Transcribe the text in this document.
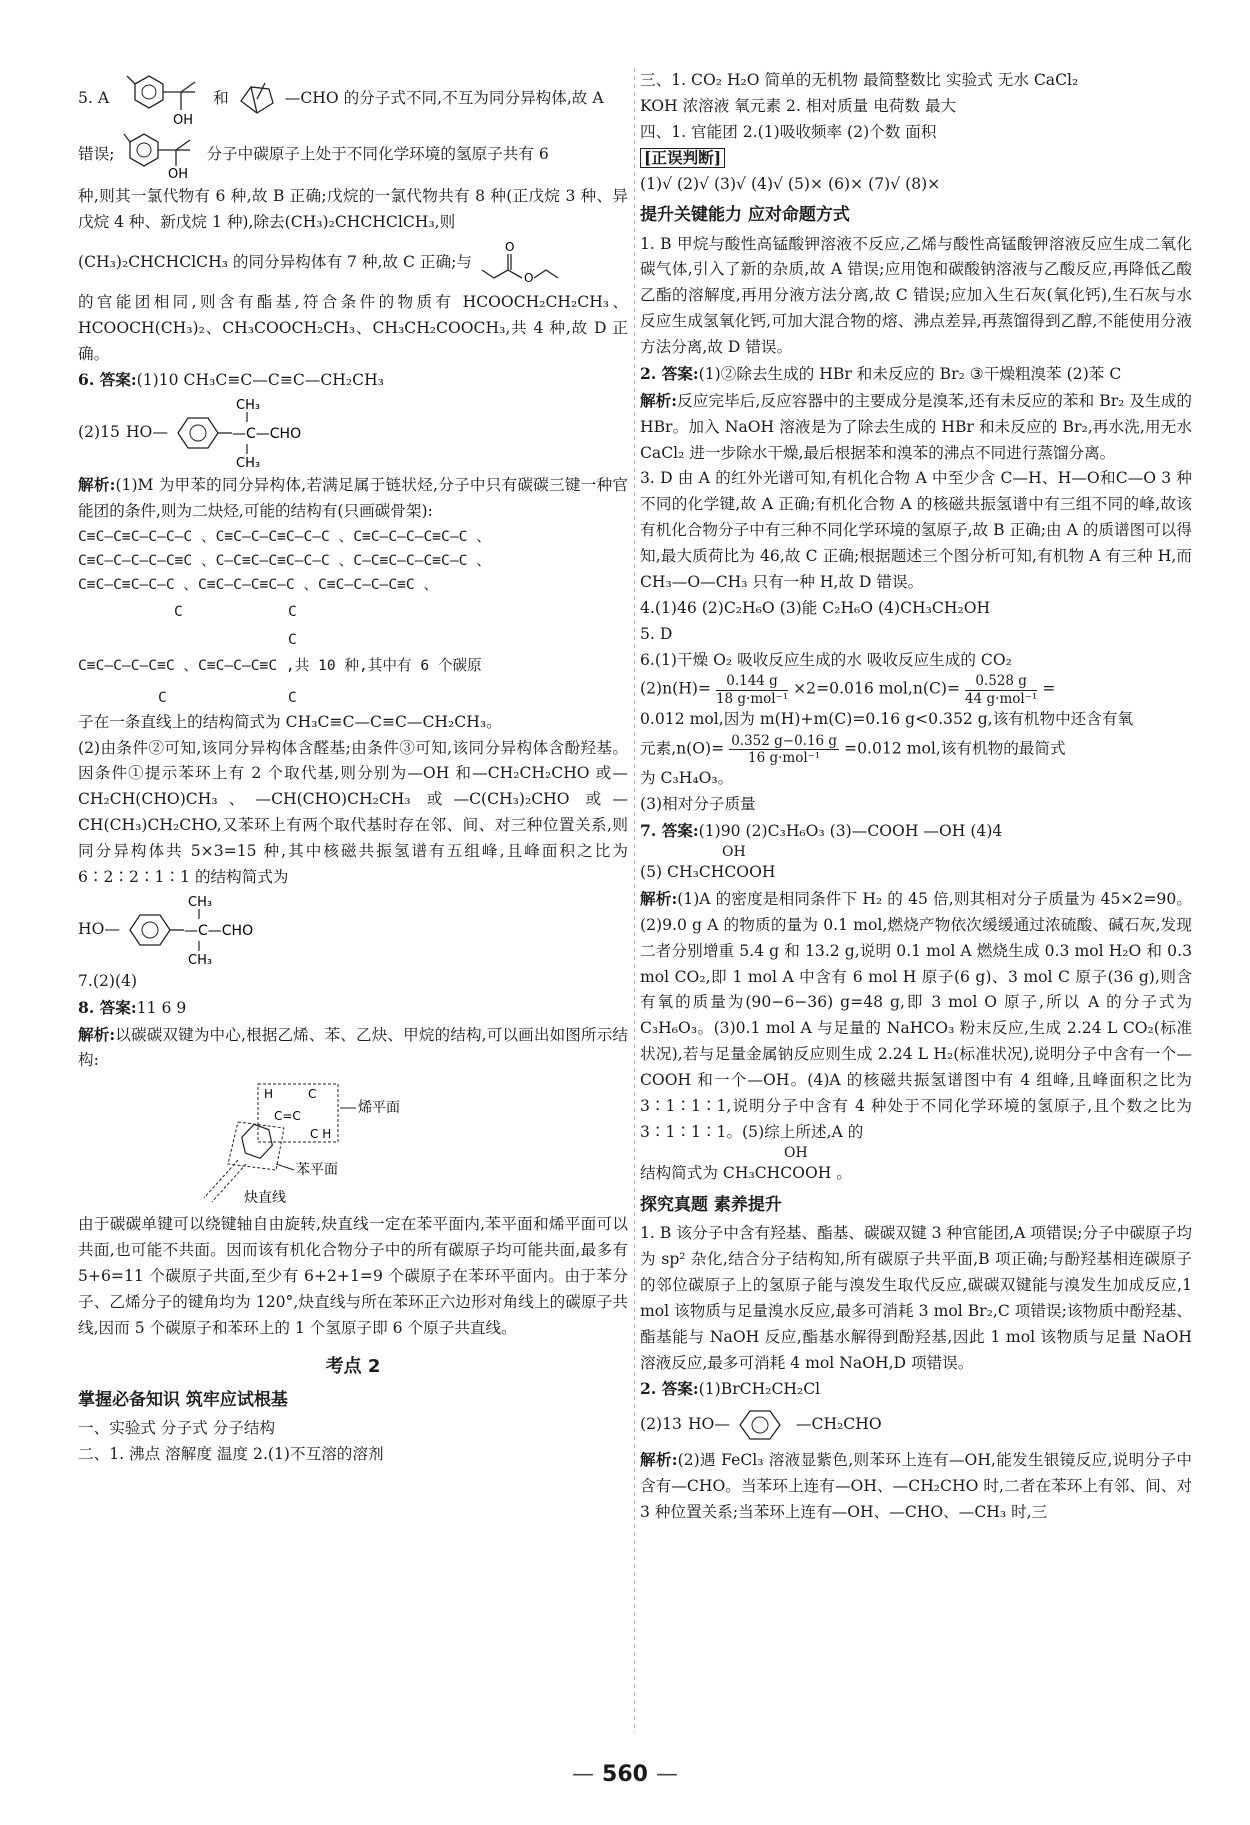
5. A
OH
和	—CHO 的分子式不同,不互为同分异构体,故 A
错误;
OH
分子中碳原子上处于不同化学环境的氢原子共有 6

种,则其一氯代物有 6 种,故 B 正确;戊烷的一氯代物共有 8 种(正戊烷 3 种、异戊烷 4 种、新戊烷 1 种),除去(CH₃)₂CHCHClCH₃,则

(CH₃)₂CHCHClCH₃ 的同分异构体有 7 种,故 C 正确;与
O
O

的官能团相同,则含有酯基,符合条件的物质有 HCOOCH₂CH₂CH₃、HCOOCH(CH₃)₂、CH₃COOCH₂CH₃、CH₃CH₂COOCH₃,共 4 种,故 D 正确。

6. 答案:(1)10 CH₃C≡C—C≡C—CH₂CH₃

(2)15 HO—	—C—CHO
CH₃
CH₃

解析:(1)M 为甲苯的同分异构体,若满足属于链状烃,分子中只有碳碳三键一种官能团的条件,则为二炔烃,可能的结构有(只画碳骨架):

C≡C—C≡C—C—C—C 、C≡C—C—C≡C—C—C 、C≡C—C—C—C≡C—C 、

C≡C—C—C—C—C≡C 、C—C≡C—C≡C—C—C 、C—C≡C—C—C≡C—C 、

C≡C—C≡C—C—C 、C≡C—C—C≡C—C 、C≡C—C—C—C≡C 、

C	C
C

C≡C—C—C—C≡C 、C≡C—C—C≡C ,共 10 种,其中有 6 个碳原

C	C

子在一条直线上的结构简式为 CH₃C≡C—C≡C—CH₂CH₃。

(2)由条件②可知,该同分异构体含醛基;由条件③可知,该同分异构体含酚羟基。因条件①提示苯环上有 2 个取代基,则分别为—OH 和—CH₂CH₂CHO 或—CH₂CH(CHO)CH₃、—CH(CHO)CH₂CH₃ 或—C(CH₃)₂CHO 或—CH(CH₃)CH₂CHO,又苯环上有两个取代基时存在邻、间、对三种位置关系,则同分异构体共 5×3=15 种,其中核磁共振氢谱有五组峰,且峰面积之比为 6∶2∶2∶1∶1 的结构简式为

HO—	—C—CHO
CH₃
CH₃

7.(2)(4)

8. 答案:11 6 9

解析:以碳碳双键为中心,根据乙烯、苯、乙炔、甲烷的结构,可以画出如图所示结构:

H	C
C=C
C H
烯平面
苯平面
炔直线

由于碳碳单键可以绕键轴自由旋转,炔直线一定在苯平面内,苯平面和烯平面可以共面,也可能不共面。因而该有机化合物分子中的所有碳原子均可能共面,最多有 5+6=11 个碳原子共面,至少有 6+2+1=9 个碳原子在苯环平面内。由于苯分子、乙烯分子的键角均为 120°,炔直线与所在苯环正六边形对角线上的碳原子共线,因而 5 个碳原子和苯环上的 1 个氢原子即 6 个原子共直线。

考点 2
掌握必备知识 筑牢应试根基

一、实验式 分子式 分子结构

二、1. 沸点 溶解度 温度 2.(1)不互溶的溶剂

三、1. CO₂ H₂O 简单的无机物 最简整数比 实验式 无水 CaCl₂

KOH 浓溶液 氧元素 2. 相对质量 电荷数 最大

四、1. 官能团 2.(1)吸收频率 (2)个数 面积

[正误判断]

(1)√ (2)√ (3)√ (4)√ (5)× (6)× (7)√ (8)×

提升关键能力 应对命题方式

1. B 甲烷与酸性高锰酸钾溶液不反应,乙烯与酸性高锰酸钾溶液反应生成二氧化碳气体,引入了新的杂质,故 A 错误;应用饱和碳酸钠溶液与乙酸反应,再降低乙酸乙酯的溶解度,再用分液方法分离,故 C 错误;应加入生石灰(氧化钙),生石灰与水反应生成氢氧化钙,可加大混合物的熔、沸点差异,再蒸馏得到乙醇,不能使用分液方法分离,故 D 错误。

2. 答案:(1)②除去生成的 HBr 和未反应的 Br₂ ③干燥粗溴苯 (2)苯 C

解析:反应完毕后,反应容器中的主要成分是溴苯,还有未反应的苯和 Br₂ 及生成的 HBr。加入 NaOH 溶液是为了除去生成的 HBr 和未反应的 Br₂,再水洗,用无水 CaCl₂ 进一步除水干燥,最后根据苯和溴苯的沸点不同进行蒸馏分离。

3. D 由 A 的红外光谱可知,有机化合物 A 中至少含 C—H、H—O和C—O 3 种不同的化学键,故 A 正确;有机化合物 A 的核磁共振氢谱中有三组不同的峰,故该有机化合物分子中有三种不同化学环境的氢原子,故 B 正确;由 A 的质谱图可以得知,最大质荷比为 46,故 C 正确;根据题述三个图分析可知,有机物 A 有三种 H,而 CH₃—O—CH₃ 只有一种 H,故 D 错误。

4.(1)46 (2)C₂H₆O (3)能 C₂H₆O (4)CH₃CH₂OH

5. D

6.(1)干燥 O₂ 吸收反应生成的水 吸收反应生成的 CO₂

$(2)n(H)= \frac{0.144 g}{\text{18 g·mol⁻¹}} \times 2=0.016$ $mol,n(C)= \frac{0.528 g}{\text{44 g·mol⁻¹}}$ =

0.012 mol,因为 m(H)+m(C)=0.16 g<0.352 g,该有机物中还含有氧

元素$,n(O)= \frac{0.352 g-0.16 g}{\text{16 g·mol⁻¹}} =0.012$ mol,该有机物的最简式

为 C₃H₄O₃。

(3)相对分子质量

7. 答案:(1)90 (2)C₃H₆O₃ (3)—COOH —OH (4)4

OH

(5) CH₃CHCOOH

解析:(1)A 的密度是相同条件下 H₂ 的 45 倍,则其相对分子质量为 45×2=90。(2)9.0 g A 的物质的量为 0.1 mol,燃烧产物依次缓缓通过浓硫酸、碱石灰,发现二者分别增重 5.4 g 和 13.2 g,说明 0.1 mol A 燃烧生成 0.3 mol H₂O 和 0.3 mol CO₂,即 1 mol A 中含有 6 mol H 原子(6 g)、3 mol C 原子(36 g),则含有氧的质量为(90−6−36) g=48 g,即 3 mol O 原子,所以 A 的分子式为 C₃H₆O₃。(3)0.1 mol A 与足量的 NaHCO₃ 粉末反应,生成 2.24 L CO₂(标准状况),若与足量金属钠反应则生成 2.24 L H₂(标准状况),说明分子中含有一个—COOH 和一个—OH。(4)A 的核磁共振氢谱图中有 4 组峰,且峰面积之比为 3∶1∶1∶1,说明分子中含有 4 种处于不同化学环境的氢原子,且个数之比为 3∶1∶1∶1。(5)综上所述,A 的

OH

结构简式为 CH₃CHCOOH 。

探究真题 素养提升

1. B 该分子中含有羟基、酯基、碳碳双键 3 种官能团,A 项错误;分子中碳原子均为 sp² 杂化,结合分子结构知,所有碳原子共平面,B 项正确;与酚羟基相连碳原子的邻位碳原子上的氢原子能与溴发生取代反应,碳碳双键能与溴发生加成反应,1 mol 该物质与足量溴水反应,最多可消耗 3 mol Br₂,C 项错误;该物质中酚羟基、酯基能与 NaOH 反应,酯基水解得到酚羟基,因此 1 mol 该物质与足量 NaOH 溶液反应,最多可消耗 4 mol NaOH,D 项错误。

2. 答案:(1)BrCH₂CH₂Cl

(2)13 HO—	—CH₂CHO

解析:(2)遇 FeCl₃ 溶液显紫色,则苯环上连有—OH,能发生银镜反应,说明分子中含有—CHO。当苯环上连有—OH、—CH₂CHO 时,二者在苯环上有邻、间、对 3 种位置关系;当苯环上连有—OH、—CHO、—CH₃ 时,三

— 560 —
